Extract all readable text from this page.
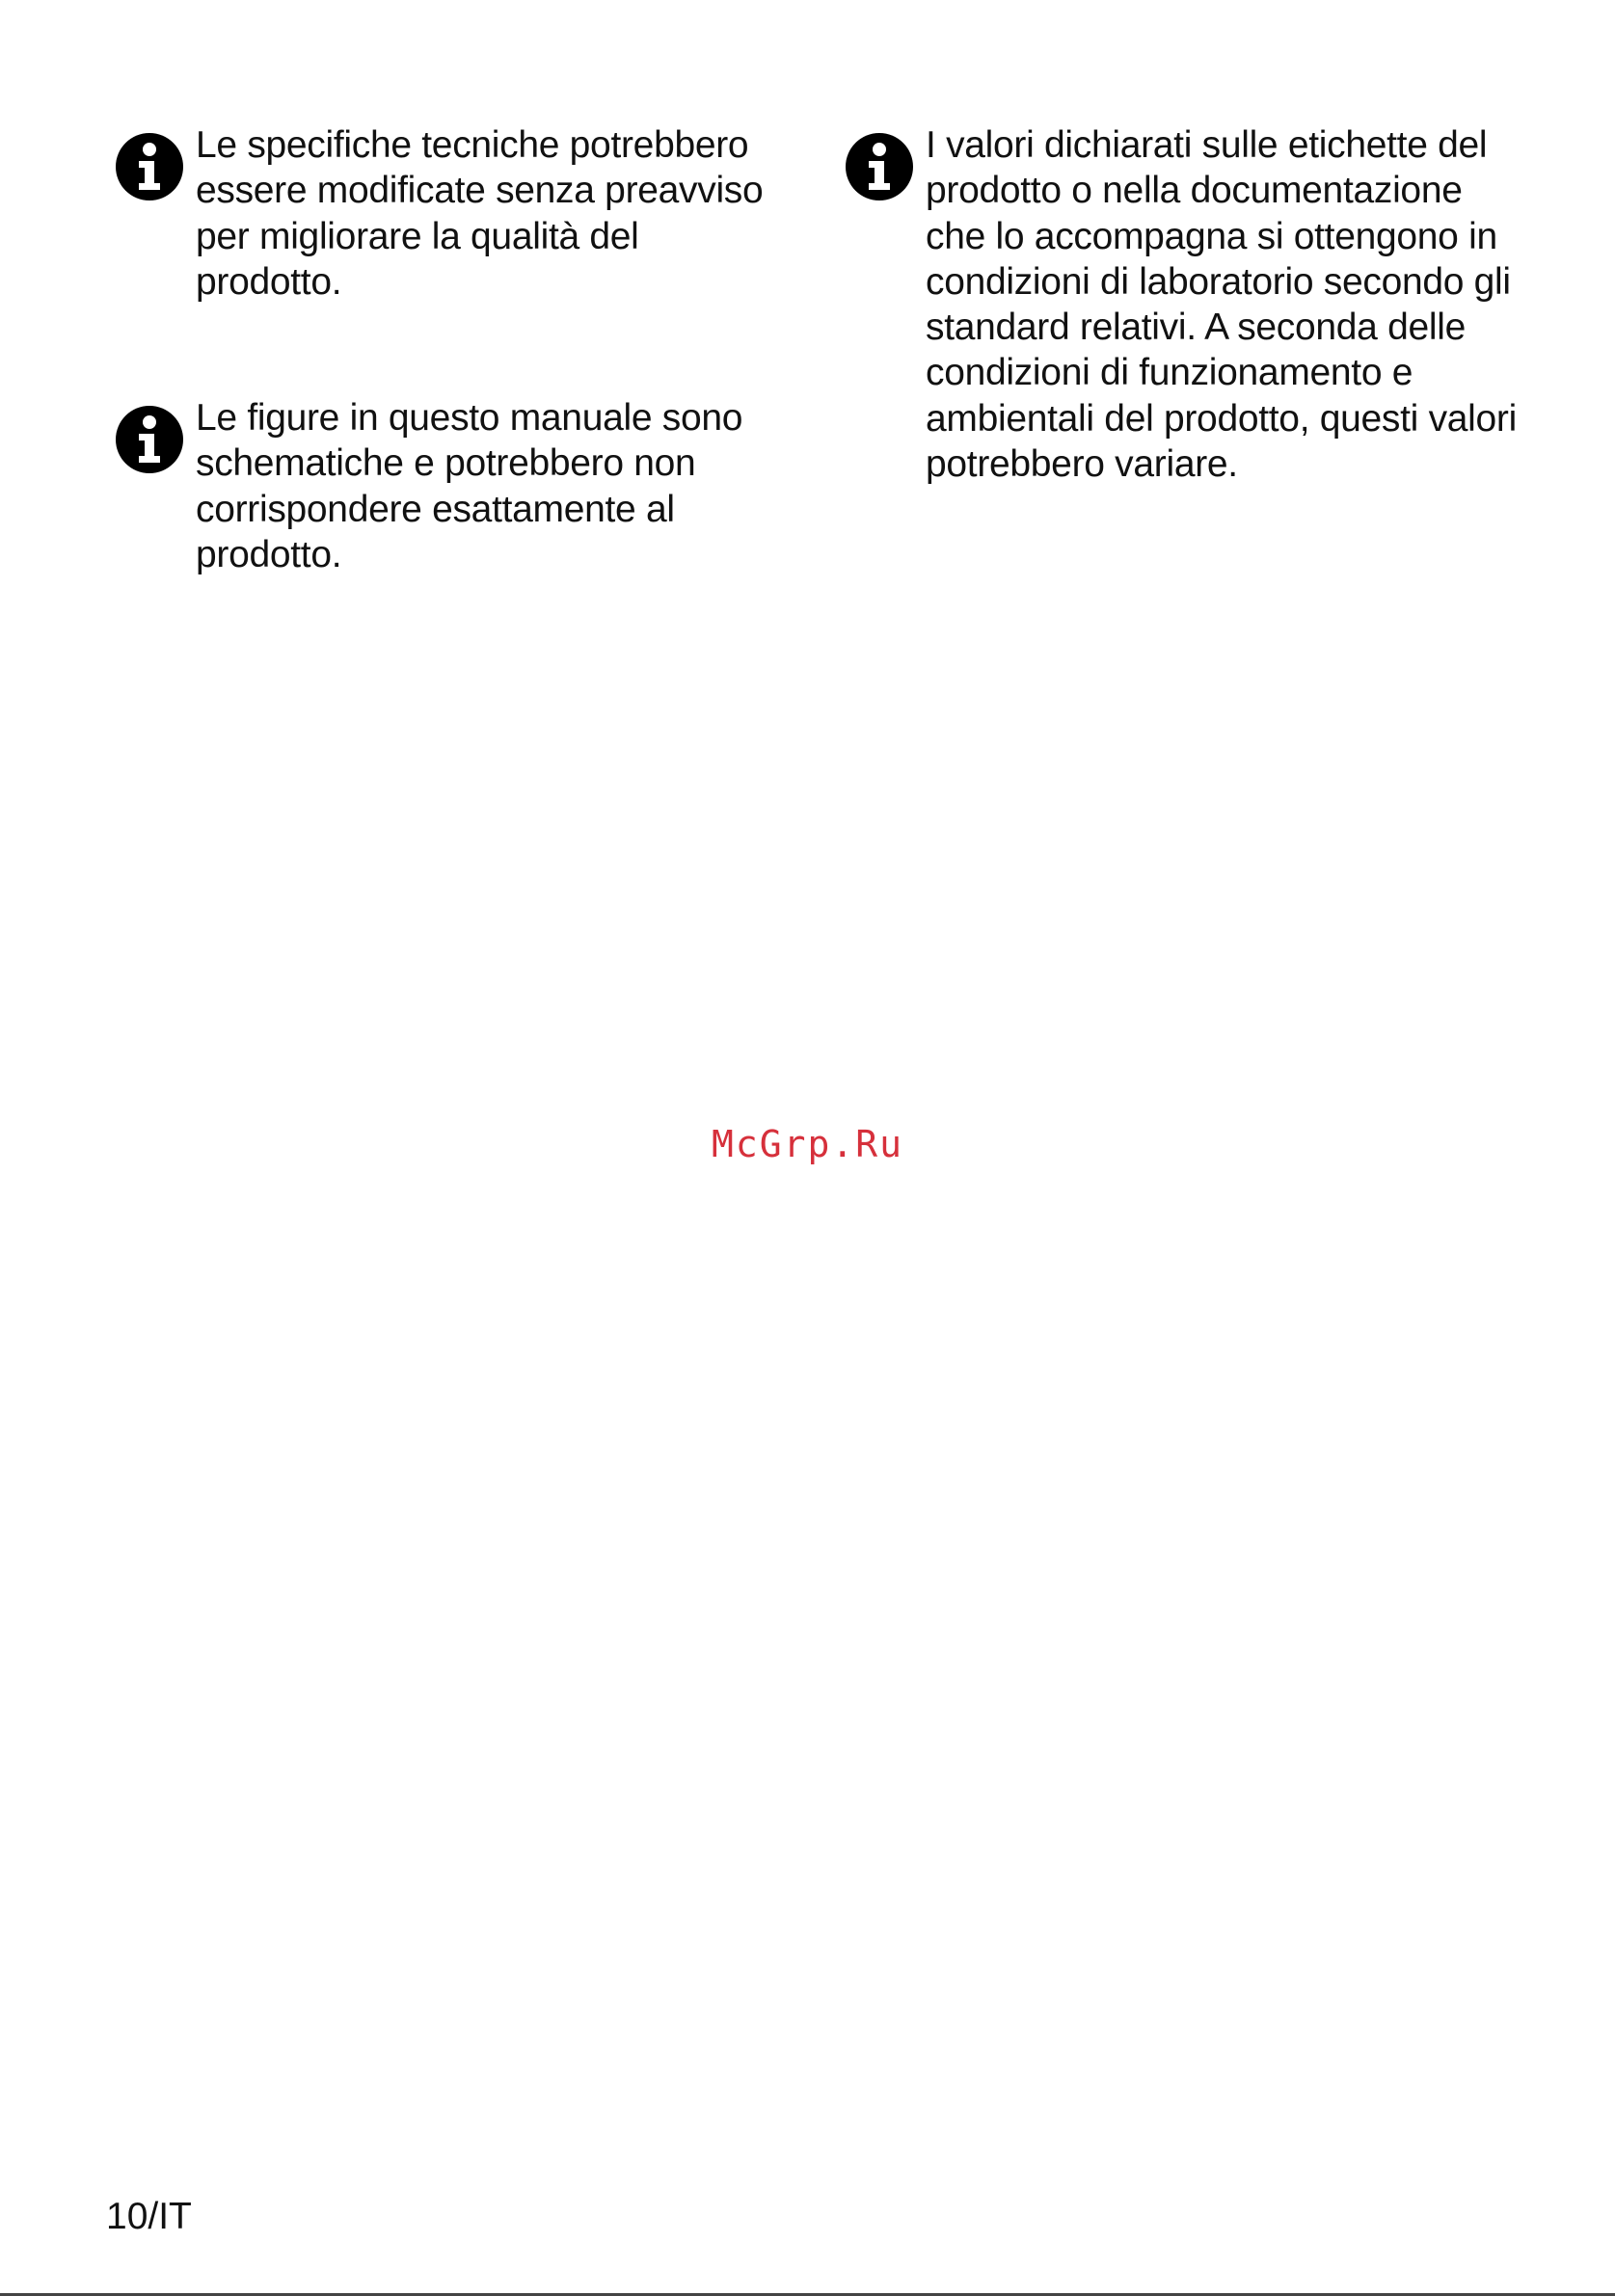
Le specifiche tecniche potrebbero essere modificate senza preavviso per migliorare la qualità del prodotto.
Le figure in questo manuale sono schematiche e potrebbero non corrispondere esattamente al prodotto.
I valori dichiarati sulle etichette del prodotto o nella documentazione che lo accompagna si ottengono in condizioni di laboratorio secondo gli standard relativi. A seconda delle condizioni di funzionamento e ambientali del prodotto, questi valori potrebbero variare.
McGrp.Ru
10/IT
